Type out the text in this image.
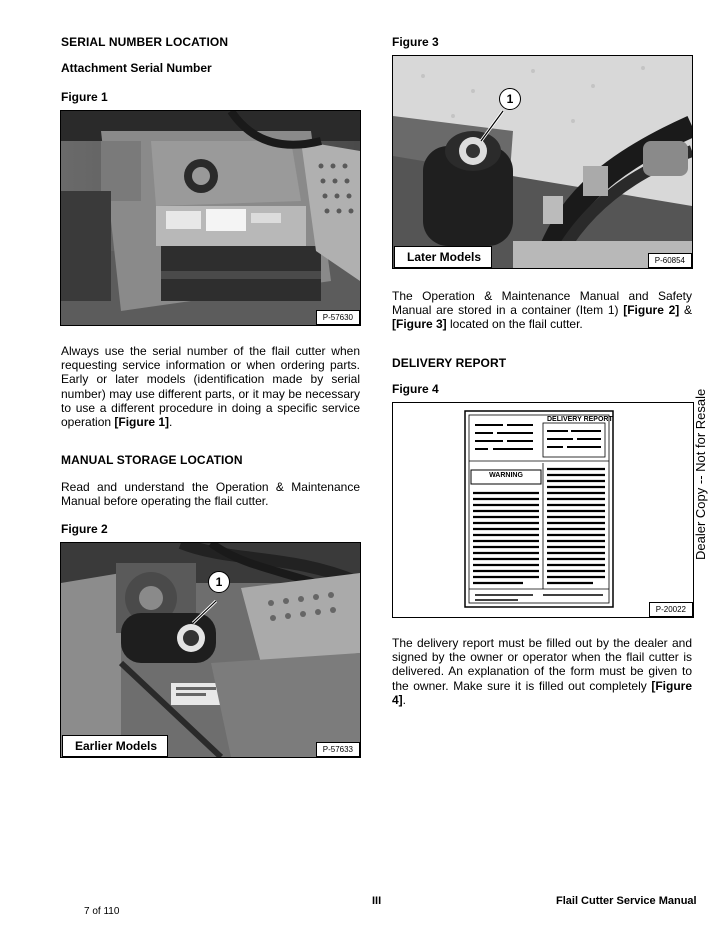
SERIAL NUMBER LOCATION
Attachment Serial Number
Figure 1
P-57630
Always use the serial number of the flail cutter when requesting service information or when ordering parts. Early or later models (identification made by serial number) may use different parts, or it may be necessary to use a different procedure in doing a specific service operation [Figure 1].
MANUAL STORAGE LOCATION
Read and understand the Operation & Maintenance Manual before operating the flail cutter.
Figure 2
1
Earlier Models	P-57633
Figure 3
1
Later Models	P-60854
The Operation & Maintenance Manual and Safety Manual are stored in a container (Item 1) [Figure 2] & [Figure 3] located on the flail cutter.
DELIVERY REPORT
Figure 4
DELIVERY REPORT
WARNING
P-20022
The delivery report must be filled out by the dealer and signed by the owner or operator when the flail cutter is delivered. An explanation of the form must be given to the owner. Make sure it is filled out completely [Figure 4].
Dealer Copy -- Not for Resale
7 of 110
III	Flail Cutter Service Manual
